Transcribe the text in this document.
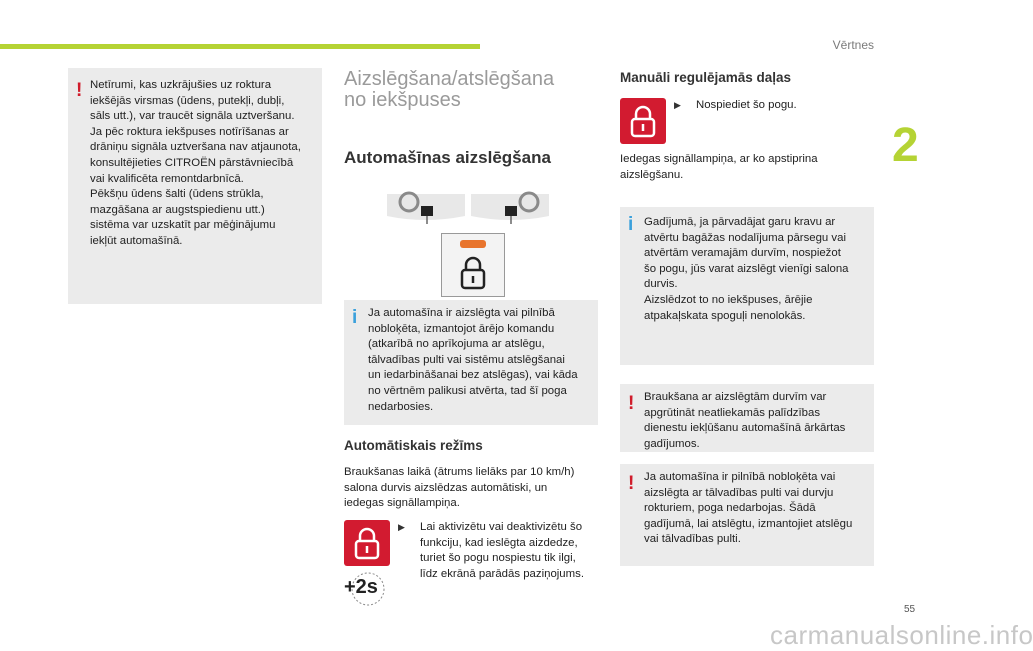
Vērtnes
2
! Netīrumi, kas uzkrājušies uz roktura
iekšējās virsmas (ūdens, putekļi, dubļi,
sāls utt.), var traucēt signāla uztveršanu.
Ja pēc roktura iekšpuses notīrīšanas ar
drāniņu signāla uztveršana nav atjaunota,
konsultējieties CITROËN pārstāvniecībā
vai kvalificēta remontdarbnīcā.
Pēkšņu ūdens šalti (ūdens strūkla,
mazgāšana ar augstspiedienu utt.)
sistēma var uzskatīt par mēģinājumu
iekļūt automašīnā.
Aizslēgšana/atslēgšana
no iekšpuses
Automašīnas aizslēgšana
i Ja automašīna ir aizslēgta vai pilnībā
nobloķēta, izmantojot ārējo komandu
(atkarībā no aprīkojuma ar atslēgu,
tālvadības pulti vai sistēmu atslēgšanai
un iedarbināšanai bez atslēgas), vai kāda
no vērtnēm palikusi atvērta, tad šī poga
nedarbosies.
Automātiskais režīms
Braukšanas laikā (ātrums lielāks par 10 km/h)
salona durvis aizslēdzas automātiski, un
iedegas signāllampiņa.
+2s
▶	Lai aktivizētu vai deaktivizētu šo
funkciju, kad ieslēgta aizdedze,
turiet šo pogu nospiestu tik ilgi,
līdz ekrānā parādās paziņojums.
Manuāli regulējamās daļas
▶	Nospiediet šo pogu.
Iedegas signāllampiņa, ar ko apstiprina
aizslēgšanu.
i Gadījumā, ja pārvadājat garu kravu ar
atvērtu bagāžas nodalījuma pārsegu vai
atvērtām veramajām durvīm, nospiežot
šo pogu, jūs varat aizslēgt vienīgi salona
durvis.
Aizslēdzot to no iekšpuses, ārējie
atpakaļskata spoguļi nenolokās.
! Braukšana ar aizslēgtām durvīm var
apgrūtināt neatliekamās palīdzības
dienestu iekļūšanu automašīnā ārkārtas
gadījumos.
! Ja automašīna ir pilnībā nobloķēta vai
aizslēgta ar tālvadības pulti vai durvju
rokturiem, poga nedarbojas. Šādā
gadījumā, lai atslēgtu, izmantojiet atslēgu
vai tālvadības pulti.
55
carmanualsonline.info
